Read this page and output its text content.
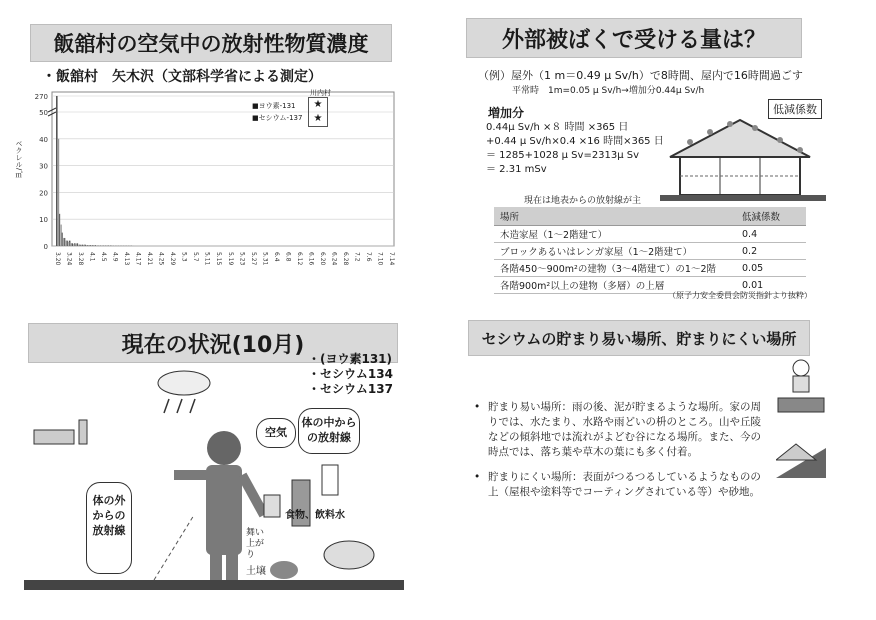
飯舘村の空気中の放射性物質濃度
・飯舘村　矢木沢（文部科学省による測定）
0
10
20
30
40
50
270
3.20 3.24 3.28 4.1 4.5 4.9 4.13 4.17 4.21 4.25 4.29 5.3 5.7 5.11 5.15 5.19 5.23 5.27 5.31 6.4 6.8 6.12 6.16 6.20 6.24 6.28 7.2 7.6 7.10 7.14
ベクレル/㎥
川内村
★
★
■ヨウ素-131
■セシウム-137
外部被ばくで受ける量は？
（例）屋外（1 m＝0.49 μ Sv/h）で8時間、屋内で16時間過ごす
平常時　1m=0.05 μ Sv/h→増加分0.44μ Sv/h
増加分
0.44μ Sv/h ×８ 時間 ×365 日
+0.44 μ Sv/h×0.4 ×16 時間×365 日
＝ 1285+1028 μ Sv=2313μ Sv
＝ 2.31 mSv
低減係数
現在は地表からの放射線が主
場所	低減係数
木造家屋（1～2階建て）	0.4
ブロックあるいはレンガ家屋（1～2階建て）	0.2
各階450～900m²の建物（3～4階建て）の1～2階	0.05
各階900m²以上の建物（多層）の上層	0.01
（原子力安全委員会防災指針より抜粋）
現在の状況(10月)
・(ヨウ素131)
・セシウム134
・セシウム137
空気
体の中からの放射線
体の外からの放射線
食物、飲料水
舞い上がり
土壌
セシウムの貯まり易い場所、貯まりにくい場所
• 貯まり易い場所：雨の後、泥が貯まるような場所。家の周りでは、水たまり、水路や雨どいの枡のところ。山や丘陵などの傾斜地では流れがよどむ谷になる場所。また、今の時点では、落ち葉や草木の葉にも多く付着。
• 貯まりにくい場所：表面がつるつるしているようなものの上（屋根や塗料等でコーティングされている等）や砂地。
